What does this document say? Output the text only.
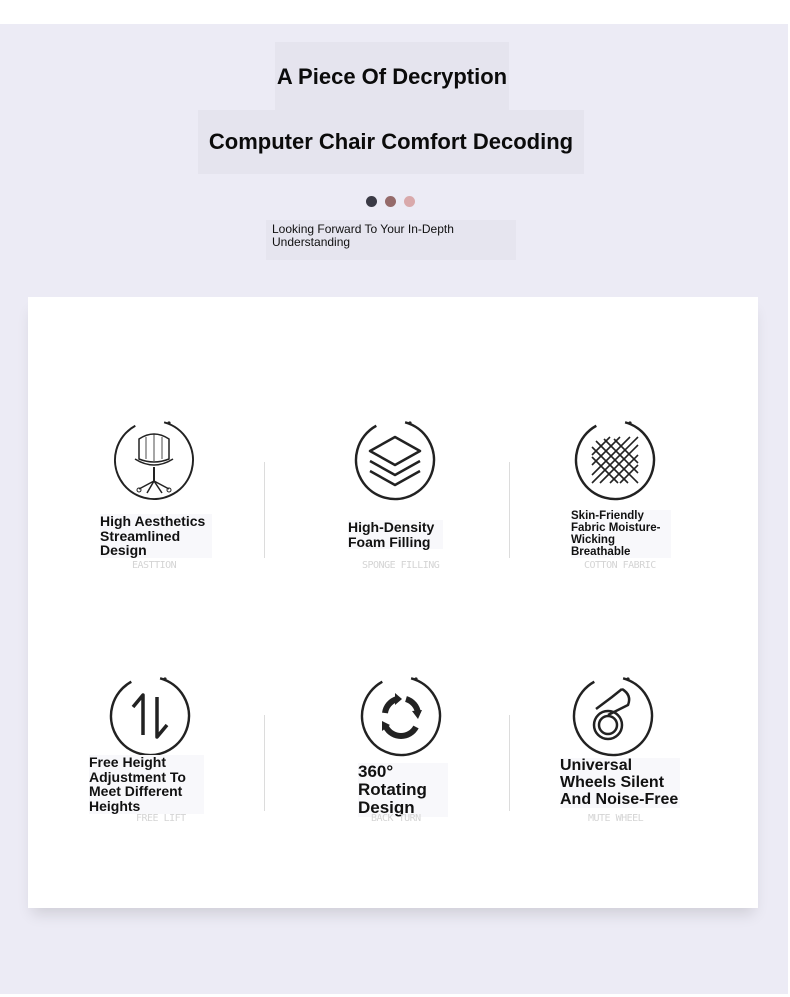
A Piece Of Decryption
Computer Chair Comfort Decoding
Looking Forward To Your In-Depth Understanding
High Aesthetics Streamlined Design
EASTTION
High-Density Foam Filling
SPONGE FILLING
Skin-Friendly Fabric Moisture-Wicking Breathable
COTTON FABRIC
Free Height Adjustment To Meet Different Heights
FREE LIFT
360° Rotating Design
BACK TURN
Universal Wheels Silent And Noise-Free
MUTE WHEEL
